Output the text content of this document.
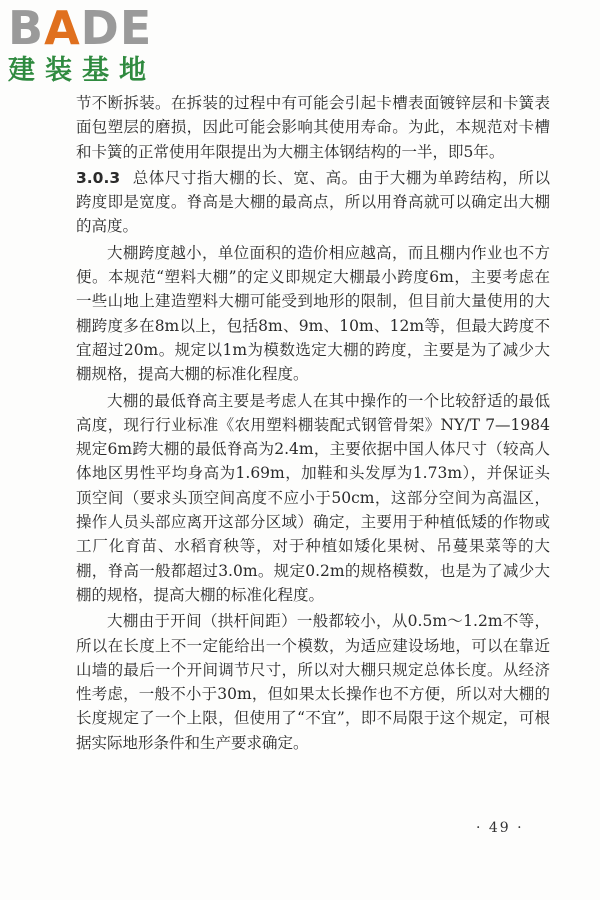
BADE
建装基地

节不断拆装。在拆装的过程中有可能会引起卡槽表面镀锌层和卡簧表面包塑层的磨损，因此可能会影响其使用寿命。为此，本规范对卡槽和卡簧的正常使用年限提出为大棚主体钢结构的一半，即5年。

3.0.3 总体尺寸指大棚的长、宽、高。由于大棚为单跨结构，所以跨度即是宽度。脊高是大棚的最高点，所以用脊高就可以确定出大棚的高度。

大棚跨度越小，单位面积的造价相应越高，而且棚内作业也不方便。本规范“塑料大棚”的定义即规定大棚最小跨度6m，主要考虑在一些山地上建造塑料大棚可能受到地形的限制，但目前大量使用的大棚跨度多在8m以上，包括8m、9m、10m、12m等，但最大跨度不宜超过20m。规定以1m为模数选定大棚的跨度，主要是为了减少大棚规格，提高大棚的标准化程度。

大棚的最低脊高主要是考虑人在其中操作的一个比较舒适的最低高度，现行行业标准《农用塑料棚装配式钢管骨架》NY/T 7—1984规定6m跨大棚的最低脊高为2.4m，主要依据中国人体尺寸（较高人体地区男性平均身高为1.69m，加鞋和头发厚为1.73m），并保证头顶空间（要求头顶空间高度不应小于50cm，这部分空间为高温区，操作人员头部应离开这部分区域）确定，主要用于种植低矮的作物或工厂化育苗、水稻育秧等，对于种植如矮化果树、吊蔓果菜等的大棚，脊高一般都超过3.0m。规定0.2m的规格模数，也是为了减少大棚的规格，提高大棚的标准化程度。

大棚由于开间（拱杆间距）一般都较小，从0.5m～1.2m不等，所以在长度上不一定能给出一个模数，为适应建设场地，可以在靠近山墙的最后一个开间调节尺寸，所以对大棚只规定总体长度。从经济性考虑，一般不小于30m，但如果太长操作也不方便，所以对大棚的长度规定了一个上限，但使用了“不宜”，即不局限于这个规定，可根据实际地形条件和生产要求确定。

· 49 ·
